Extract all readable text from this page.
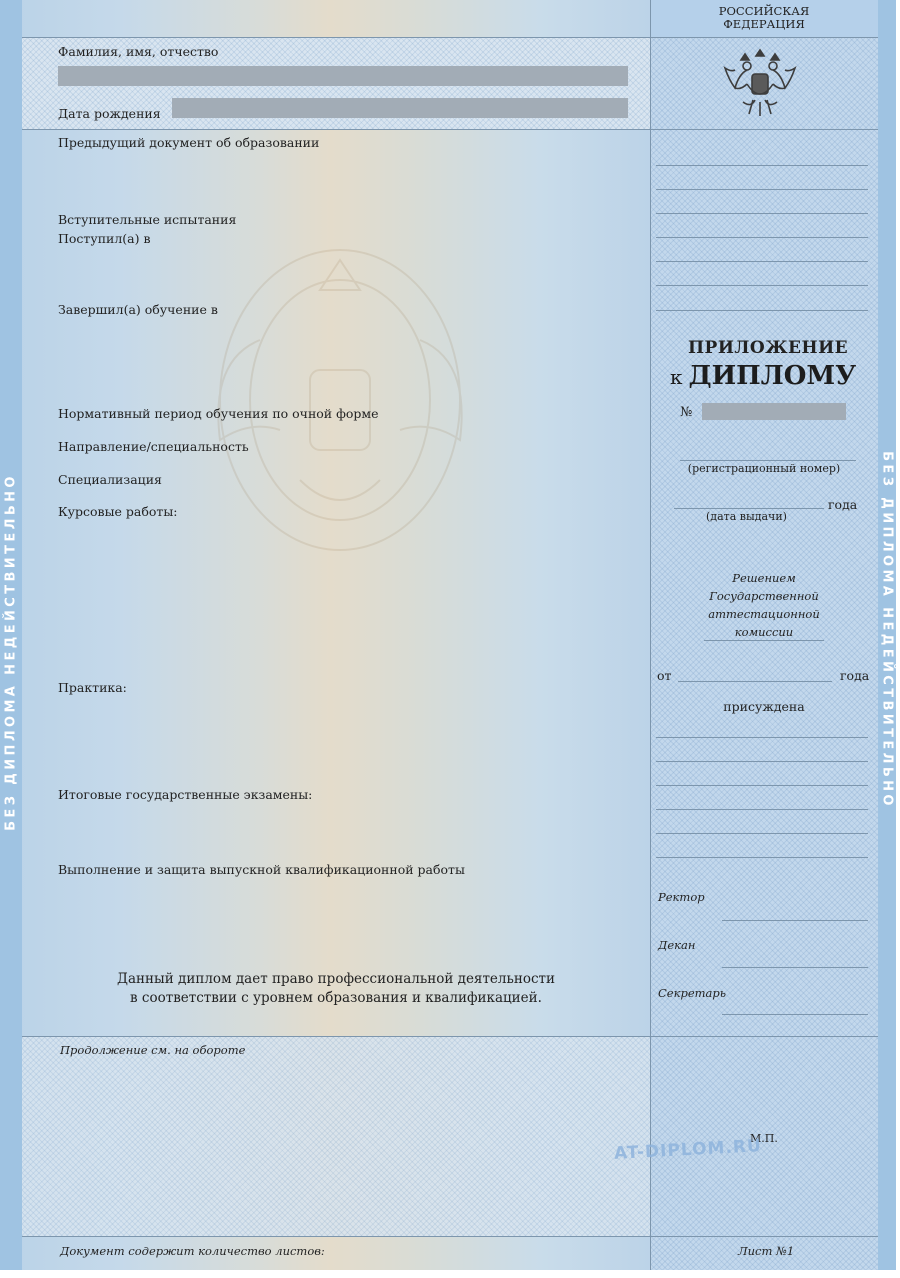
БЕЗ ДИПЛОМА НЕДЕЙСТВИТЕЛЬНО	БЕЗ ДИПЛОМА НЕДЕЙСТВИТЕЛЬНО
Фамилия, имя, отчество
Дата рождения
РОССИЙСКАЯ
ФЕДЕРАЦИЯ
ПРИЛОЖЕНИЕ
к ДИПЛОМУ
№
(регистрационный номер)
года
(дата выдачи)
Решением
Государственной
аттестационной
комиссии
от	года
присуждена
Ректор
Декан
Секретарь
М.П.
Предыдущий документ об образовании
Вступительные испытания
Поступил(а) в
Завершил(а) обучение в
Нормативный период обучения по очной форме
Направление/специальность
Специализация
Курсовые работы:
Практика:
Итоговые государственные экзамены:
Выполнение и защита выпускной квалификационной работы
Данный диплом дает право профессиональной деятельности
в соответствии с уровнем образования и квалификацией.
Продолжение см. на обороте
AT-DIPLOM.RU
Документ содержит количество листов:	Лист №1
